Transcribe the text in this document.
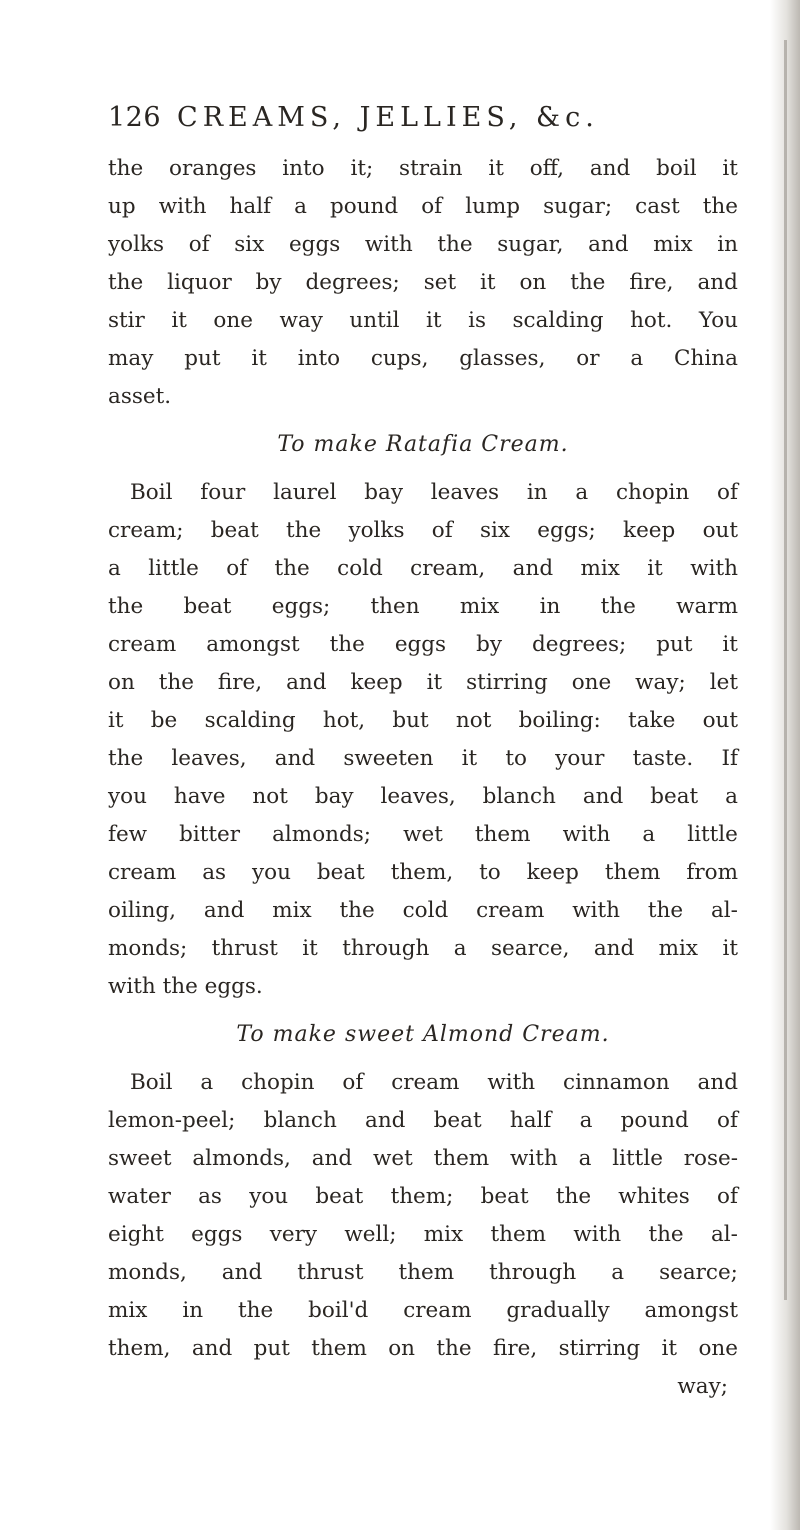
126 CREAMS, JELLIES, &c.
the oranges into it; strain it off, and boil it
up with half a pound of lump sugar; cast the
yolks of six eggs with the sugar, and mix in
the liquor by degrees; set it on the fire, and
stir it one way until it is scalding hot. You
may put it into cups, glasses, or a China
asset.
To make Ratafia Cream.
Boil four laurel bay leaves in a chopin of
cream; beat the yolks of six eggs; keep out
a little of the cold cream, and mix it with
the beat eggs; then mix in the warm
cream amongst the eggs by degrees; put it
on the fire, and keep it stirring one way; let
it be scalding hot, but not boiling: take out
the leaves, and sweeten it to your taste. If
you have not bay leaves, blanch and beat a
few bitter almonds; wet them with a little
cream as you beat them, to keep them from
oiling, and mix the cold cream with the al-
monds; thrust it through a searce, and mix it
with the eggs.
To make sweet Almond Cream.
Boil a chopin of cream with cinnamon and
lemon-peel; blanch and beat half a pound of
sweet almonds, and wet them with a little rose-
water as you beat them; beat the whites of
eight eggs very well; mix them with the al-
monds, and thrust them through a searce;
mix in the boil'd cream gradually amongst
them, and put them on the fire, stirring it one
way;
